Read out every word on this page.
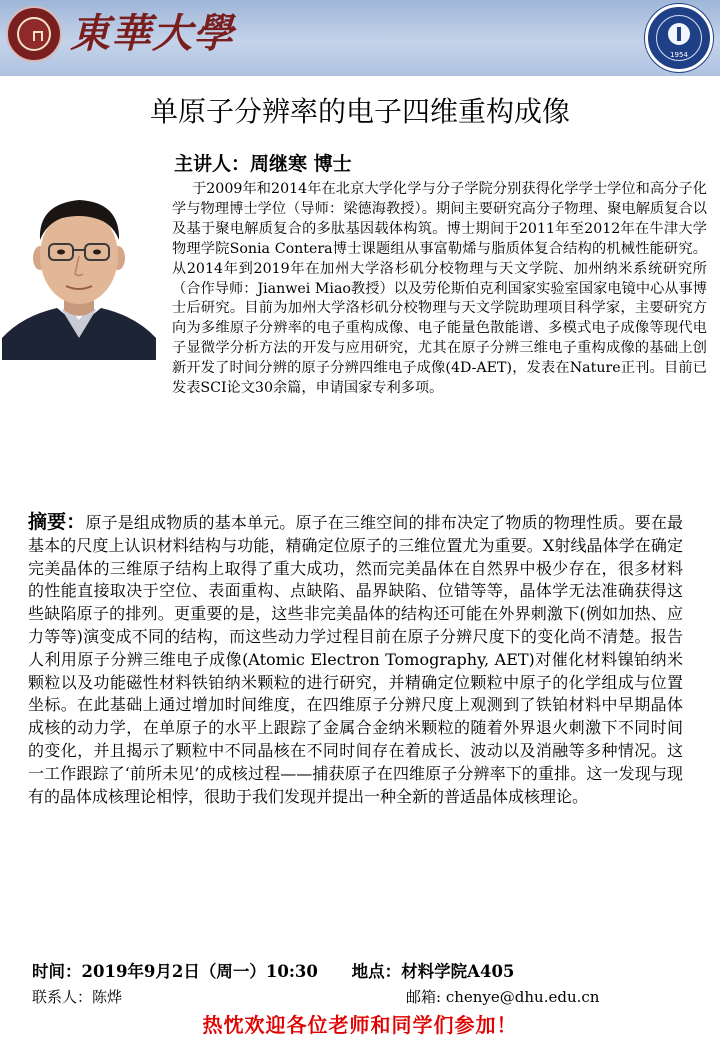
東華大學	1954
单原子分辨率的电子四维重构成像
主讲人：周继寒 博士

于2009年和2014年在北京大学化学与分子学院分别获得化学学士学位和高分子化学与物理博士学位（导师：梁德海教授）。期间主要研究高分子物理、聚电解质复合以及基于聚电解质复合的多肽基因载体构筑。博士期间于2011年至2012年在牛津大学物理学院Sonia Contera博士课题组从事富勒烯与脂质体复合结构的机械性能研究。从2014年到2019年在加州大学洛杉矶分校物理与天文学院、加州纳米系统研究所（合作导师：Jianwei Miao教授）以及劳伦斯伯克利国家实验室国家电镜中心从事博士后研究。目前为加州大学洛杉矶分校物理与天文学院助理项目科学家，主要研究方向为多维原子分辨率的电子重构成像、电子能量色散能谱、多模式电子成像等现代电子显微学分析方法的开发与应用研究，尤其在原子分辨三维电子重构成像的基础上创新开发了时间分辨的原子分辨四维电子成像(4D-AET)，发表在Nature正刊。目前已发表SCI论文30余篇，申请国家专利多项。

摘要：原子是组成物质的基本单元。原子在三维空间的排布决定了物质的物理性质。要在最基本的尺度上认识材料结构与功能，精确定位原子的三维位置尤为重要。X射线晶体学在确定完美晶体的三维原子结构上取得了重大成功，然而完美晶体在自然界中极少存在，很多材料的性能直接取决于空位、表面重构、点缺陷、晶界缺陷、位错等等，晶体学无法准确获得这些缺陷原子的排列。更重要的是，这些非完美晶体的结构还可能在外界刺激下(例如加热、应力等等)演变成不同的结构，而这些动力学过程目前在原子分辨尺度下的变化尚不清楚。报告人利用原子分辨三维电子成像(Atomic Electron Tomography, AET)对催化材料镍铂纳米颗粒以及功能磁性材料铁铂纳米颗粒的进行研究，并精确定位颗粒中原子的化学组成与位置坐标。在此基础上通过增加时间维度，在四维原子分辨尺度上观测到了铁铂材料中早期晶体成核的动力学，在单原子的水平上跟踪了金属合金纳米颗粒的随着外界退火刺激下不同时间的变化，并且揭示了颗粒中不同晶核在不同时间存在着成长、波动以及消融等多种情况。这一工作跟踪了‘前所未见’的成核过程——捕获原子在四维原子分辨率下的重排。这一发现与现有的晶体成核理论相悖，很助于我们发现并提出一种全新的普适晶体成核理论。

时间：2019年9月2日（周一）10:30 地点：材料学院A405
联系人：陈烨	邮箱: chenye@dhu.edu.cn
热忱欢迎各位老师和同学们参加！
